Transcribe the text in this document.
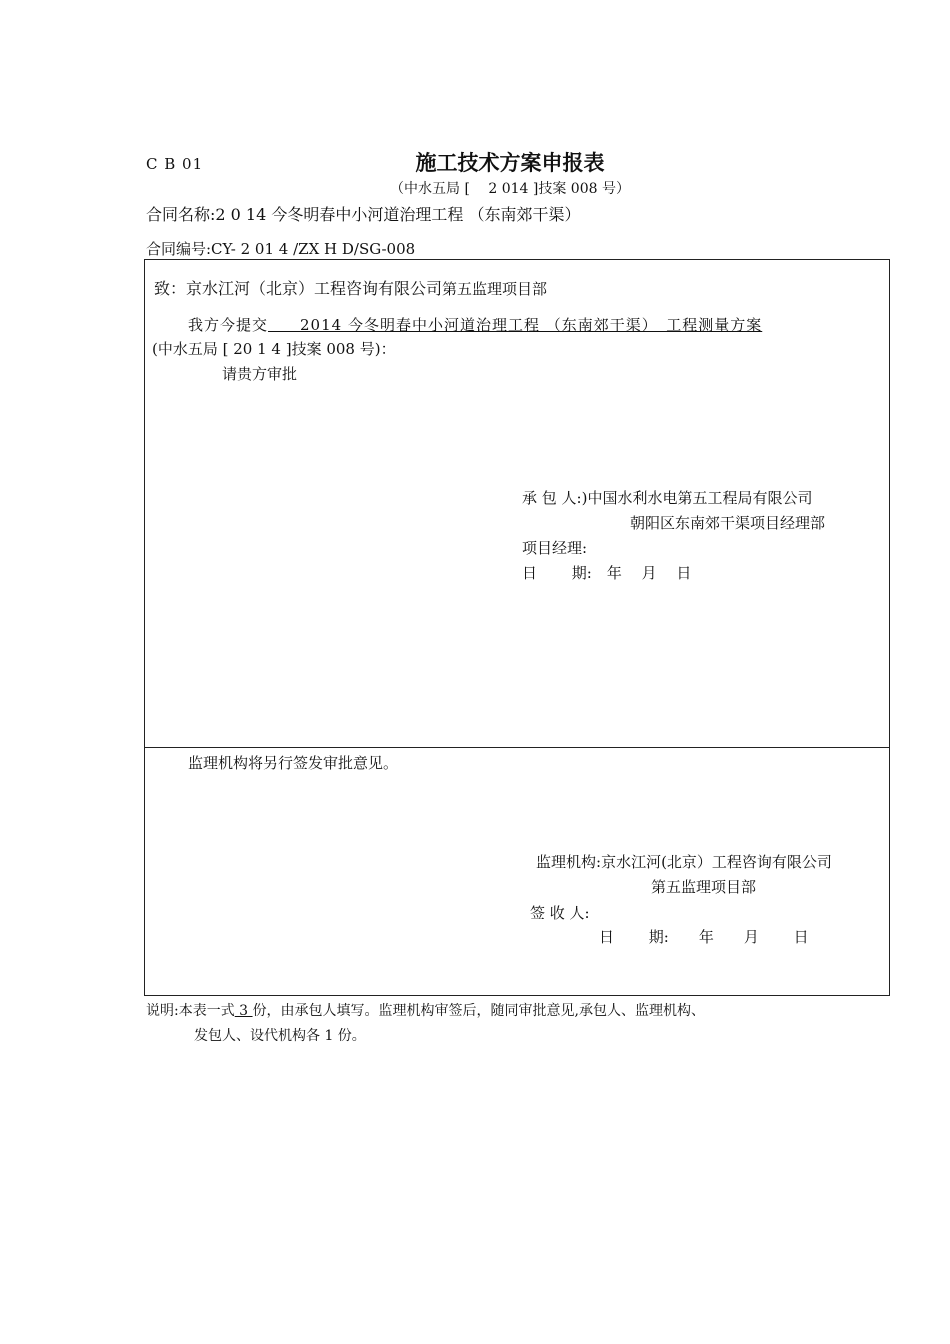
C B 01	施工技术方案申报表
（中水五局 [　 2 014 ]技案 008 号）
合同名称:2 0 14 今冬明春中小河道治理工程 （东南郊干渠）
合同编号:CY- 2 01 4 /ZX H D/SG-008
致：京水江河（北京）工程咨询有限公司第五监理项目部
我方今提交　　2014 今冬明春中小河道治理工程 （东南郊干渠）　工程测量方案
(中水五局 [ 20 1 4 ]技案 008 号)：
请贵方审批
承 包 人:)中国水利水电第五工程局有限公司
朝阳区东南郊干渠项目经理部
项目经理:
日　　 期:　年　 月　 日
监理机构将另行签发审批意见。
监理机构:京水江河(北京）工程咨询有限公司
第五监理项目部
签 收 人:
日　　 期:　　年　　月　　 日
说明:本表一式 3 份，由承包人填写。监理机构审签后，随同审批意见,承包人、监理机构、
发包人、设代机构各 1 份。
